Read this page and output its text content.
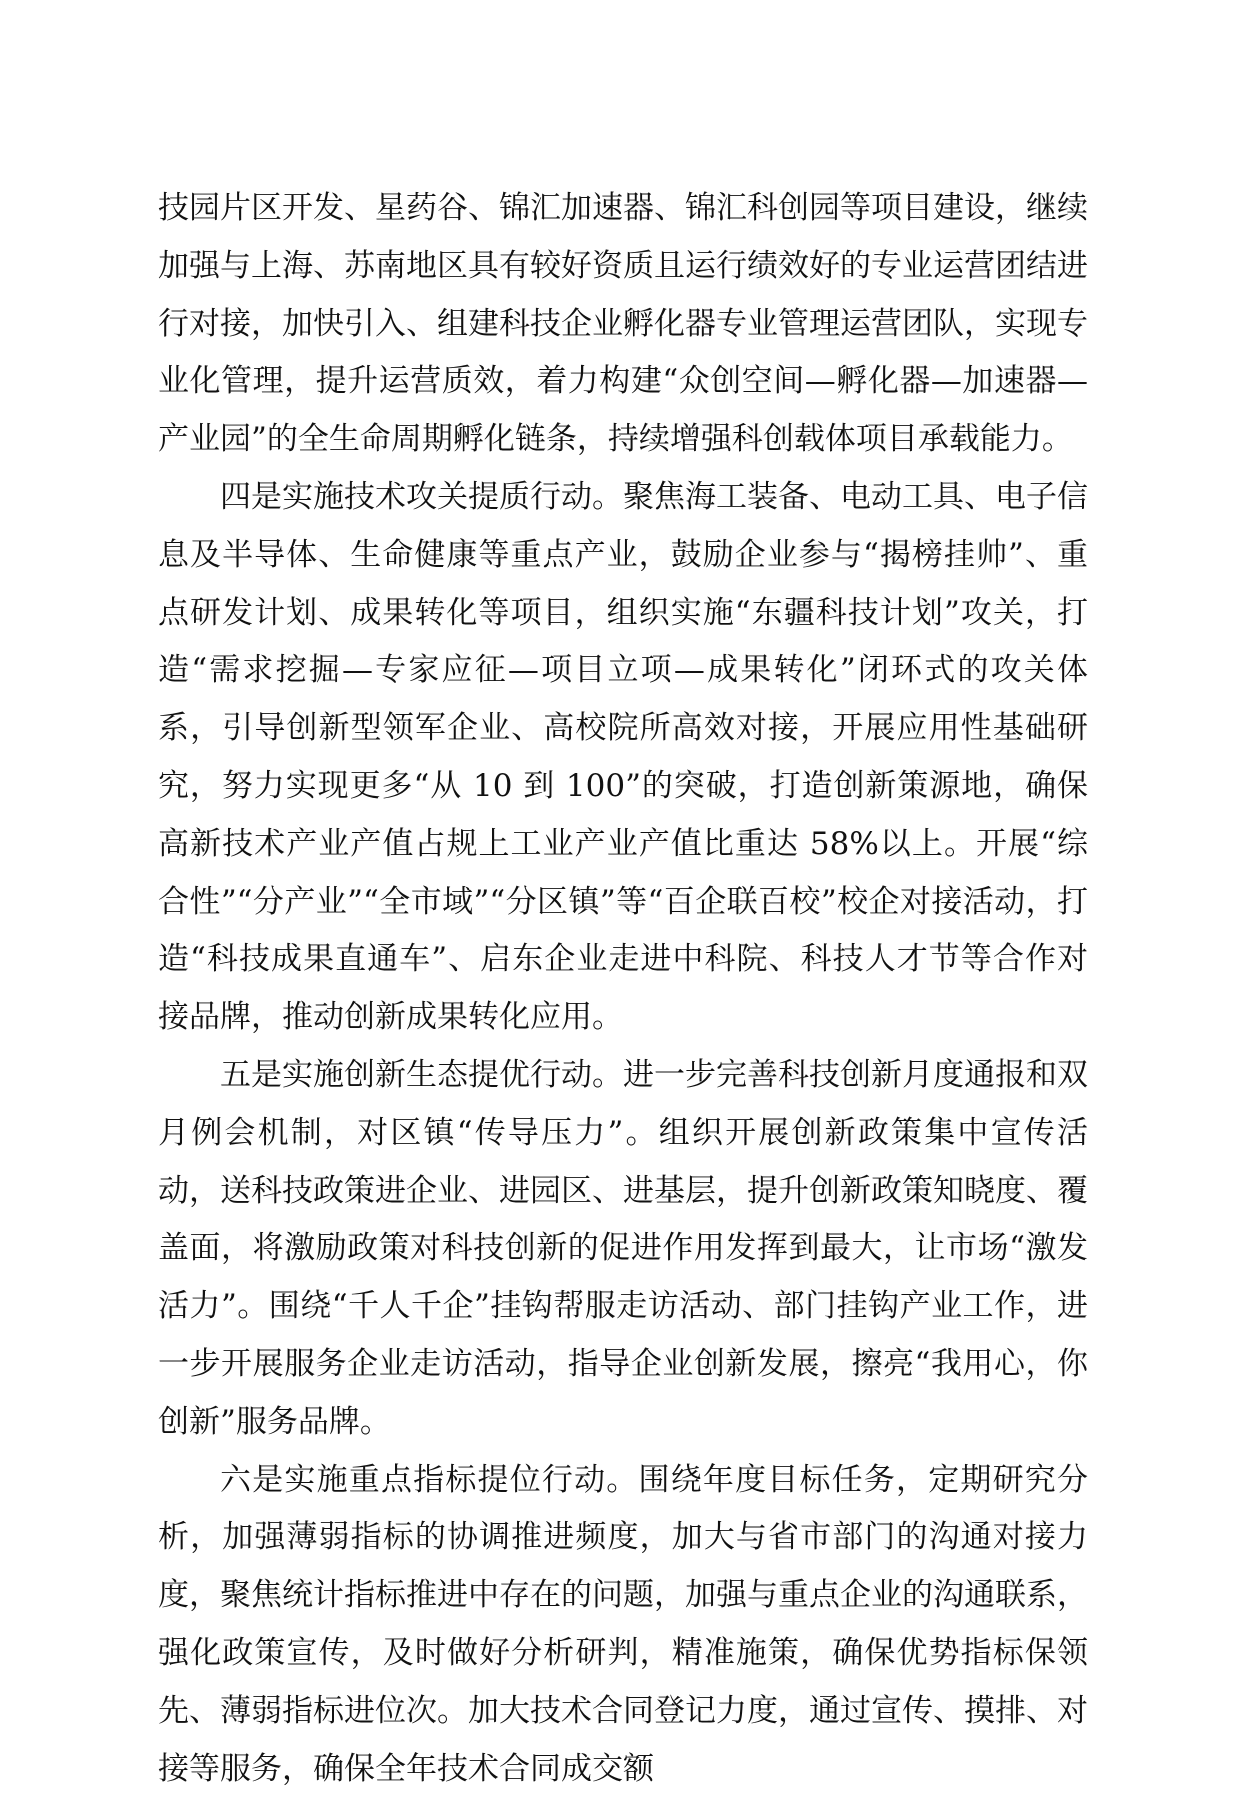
技园片区开发、星药谷、锦汇加速器、锦汇科创园等项目建设，继续加强与上海、苏南地区具有较好资质且运行绩效好的专业运营团结进行对接，加快引入、组建科技企业孵化器专业管理运营团队，实现专业化管理，提升运营质效，着力构建“众创空间—孵化器—加速器—产业园”的全生命周期孵化链条，持续增强科创载体项目承载能力。

四是实施技术攻关提质行动。聚焦海工装备、电动工具、电子信息及半导体、生命健康等重点产业，鼓励企业参与“揭榜挂帅”、重点研发计划、成果转化等项目，组织实施“东疆科技计划”攻关，打造“需求挖掘—专家应征—项目立项—成果转化”闭环式的攻关体系，引导创新型领军企业、高校院所高效对接，开展应用性基础研究，努力实现更多“从 10 到 100”的突破，打造创新策源地，确保高新技术产业产值占规上工业产业产值比重达 58%以上。开展“综合性”“分产业”“全市域”“分区镇”等“百企联百校”校企对接活动，打造“科技成果直通车”、启东企业走进中科院、科技人才节等合作对接品牌，推动创新成果转化应用。

五是实施创新生态提优行动。进一步完善科技创新月度通报和双月例会机制，对区镇“传导压力”。组织开展创新政策集中宣传活动，送科技政策进企业、进园区、进基层，提升创新政策知晓度、覆盖面，将激励政策对科技创新的促进作用发挥到最大，让市场“激发活力”。围绕“千人千企”挂钩帮服走访活动、部门挂钩产业工作，进一步开展服务企业走访活动，指导企业创新发展，擦亮“我用心，你创新”服务品牌。

六是实施重点指标提位行动。围绕年度目标任务，定期研究分析，加强薄弱指标的协调推进频度，加大与省市部门的沟通对接力度，聚焦统计指标推进中存在的问题，加强与重点企业的沟通联系，强化政策宣传，及时做好分析研判，精准施策，确保优势指标保领先、薄弱指标进位次。加大技术合同登记力度，通过宣传、摸排、对接等服务，确保全年技术合同成交额
